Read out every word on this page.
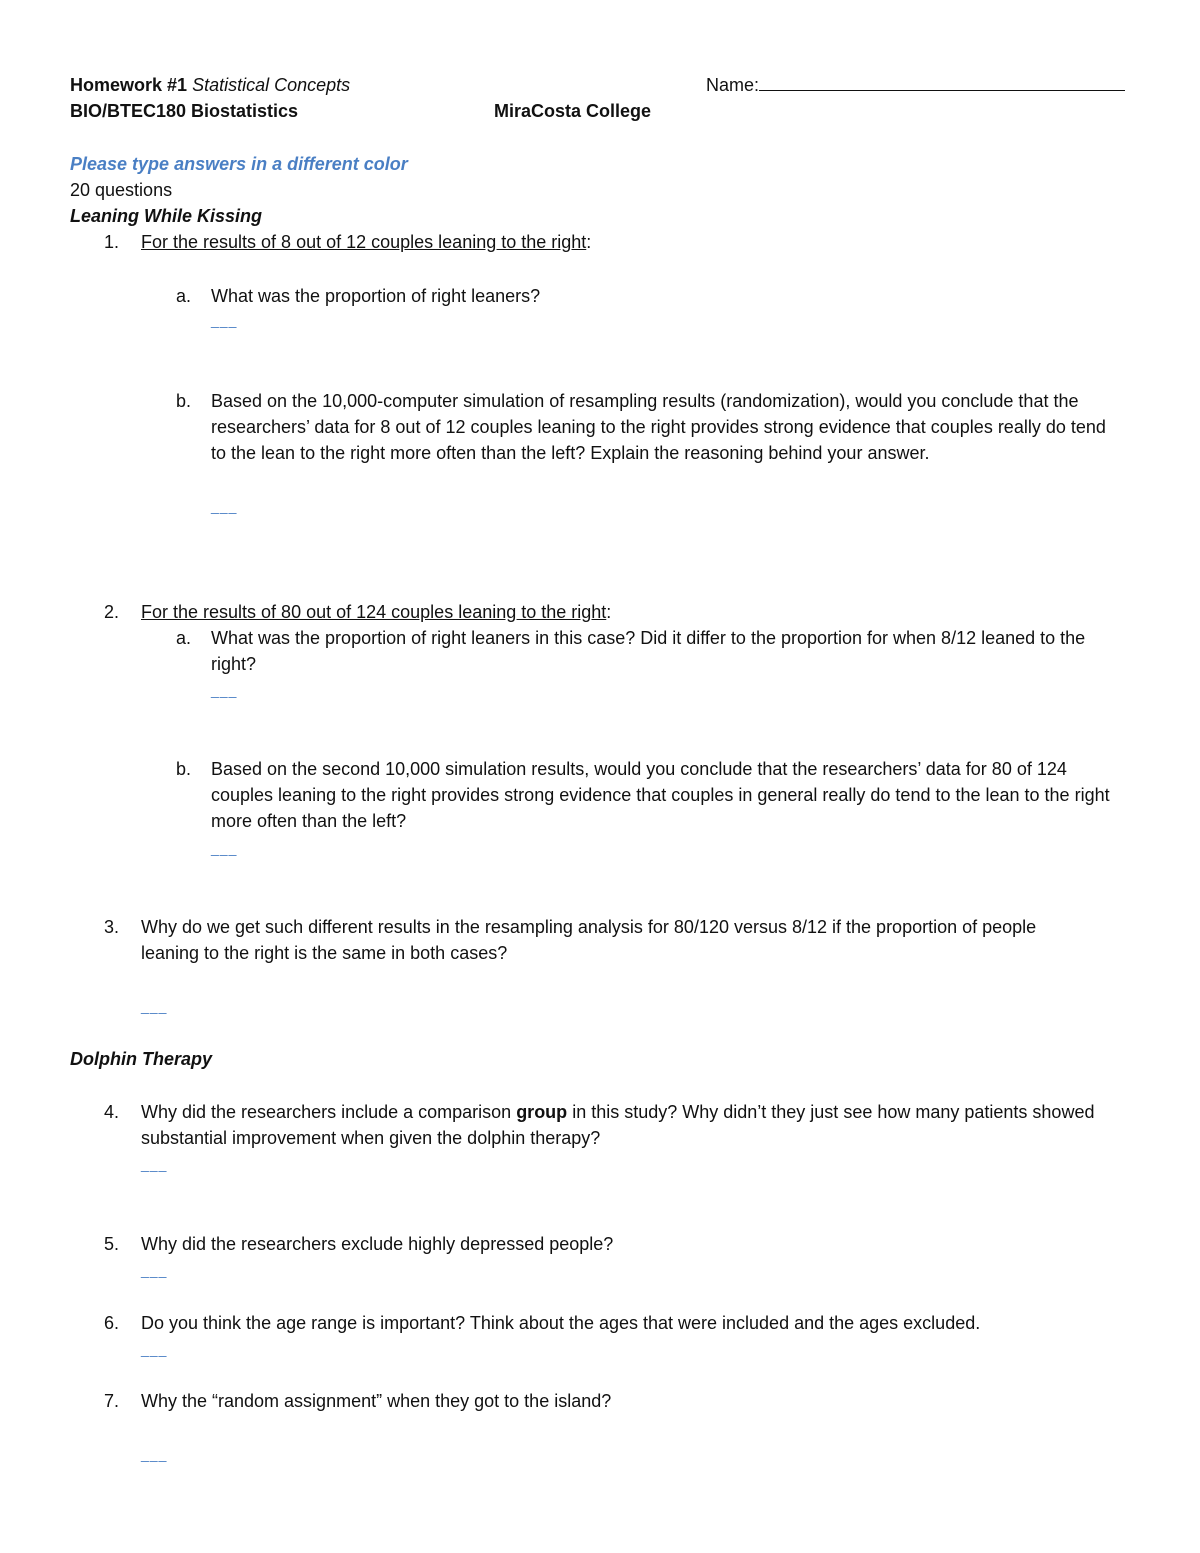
Homework #1 Statistical Concepts	Name:
BIO/BTEC180 Biostatistics	MiraCosta College
Please type answers in a different color
20 questions
Leaning While Kissing
1. For the results of 8 out of 12 couples leaning to the right:
a. What was the proportion of right leaners?
___
b. Based on the 10,000-computer simulation of resampling results (randomization), would you conclude that the researchers’ data for 8 out of 12 couples leaning to the right provides strong evidence that couples really do tend to the lean to the right more often than the left? Explain the reasoning behind your answer.
___
2. For the results of 80 out of 124 couples leaning to the right:
a. What was the proportion of right leaners in this case? Did it differ to the proportion for when 8/12 leaned to the right?
___
b. Based on the second 10,000 simulation results, would you conclude that the researchers’ data for 80 of 124 couples leaning to the right provides strong evidence that couples in general really do tend to the lean to the right more often than the left?
___
3. Why do we get such different results in the resampling analysis for 80/120 versus 8/12 if the proportion of people leaning to the right is the same in both cases?
___
Dolphin Therapy
4. Why did the researchers include a comparison group in this study? Why didn’t they just see how many patients showed substantial improvement when given the dolphin therapy?
___
5. Why did the researchers exclude highly depressed people?
___
6. Do you think the age range is important? Think about the ages that were included and the ages excluded.
___
7. Why the “random assignment” when they got to the island?
___
